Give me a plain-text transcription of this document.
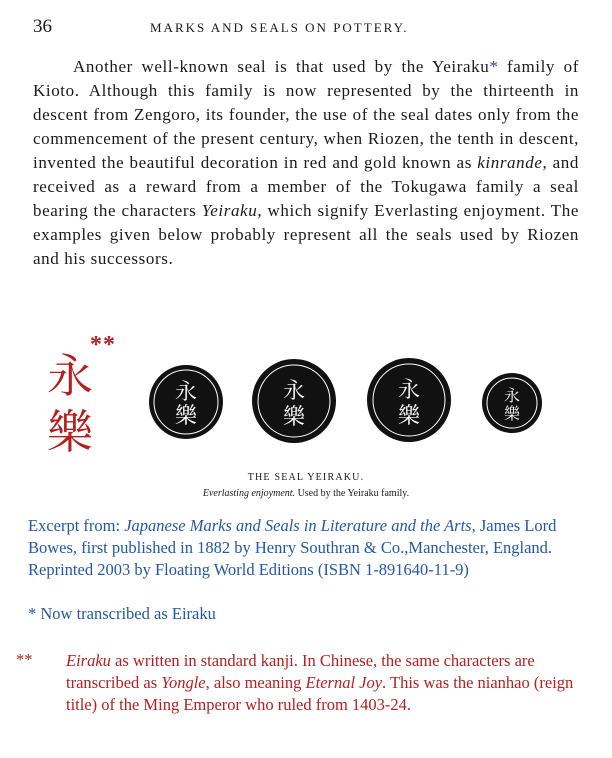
36	MARKS AND SEALS ON POTTERY.
Another well-known seal is that used by the Yeiraku* family of Kioto. Although this family is now represented by the thirteenth in descent from Zengoro, its founder, the use of the seal dates only from the commencement of the present century, when Riozen, the tenth in descent, invented the beautiful decoration in red and gold known as kinrande, and received as a reward from a member of the Tokugawa family a seal bearing the characters Yeiraku, which signify Everlasting enjoyment. The examples given below probably represent all the seals used by Riozen and his successors.
**
永樂
永
樂
永
樂
永
樂
永
樂
THE SEAL YEIRAKU.
Everlasting enjoyment. Used by the Yeiraku family.
Excerpt from: Japanese Marks and Seals in Literature and the Arts, James Lord Bowes, first published in 1882 by Henry Southran & Co.,Manchester, England. Reprinted 2003 by Floating World Editions (ISBN 1-891640-11-9)
* Now transcribed as Eiraku
** Eiraku as written in standard kanji. In Chinese, the same characters are transcribed as Yongle, also meaning Eternal Joy. This was the nianhao (reign title) of the Ming Emperor who ruled from 1403-24.
